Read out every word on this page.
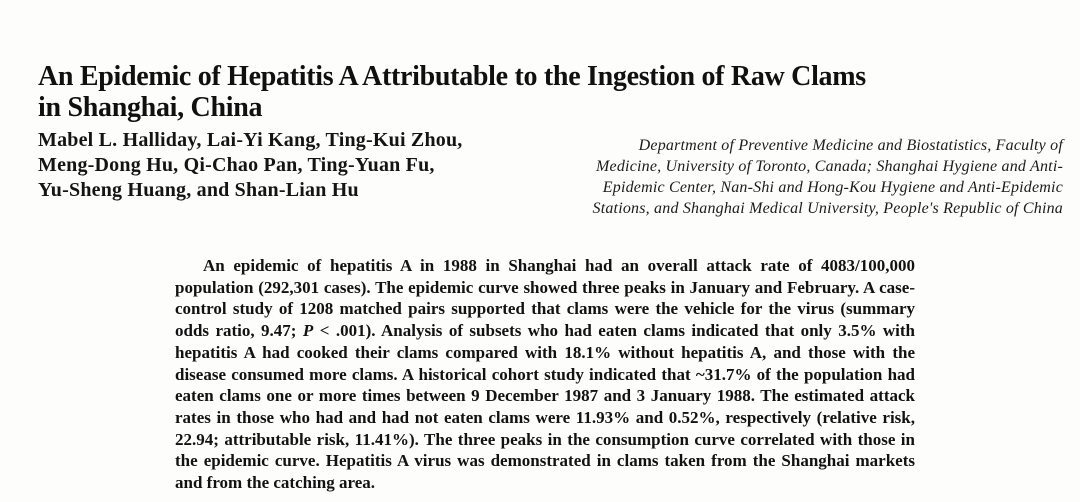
An Epidemic of Hepatitis A Attributable to the Ingestion of Raw Clams
in Shanghai, China
Mabel L. Halliday, Lai-Yi Kang, Ting-Kui Zhou,
Meng-Dong Hu, Qi-Chao Pan, Ting-Yuan Fu,
Yu-Sheng Huang, and Shan-Lian Hu
Department of Preventive Medicine and Biostatistics, Faculty of
Medicine, University of Toronto, Canada; Shanghai Hygiene and Anti-
Epidemic Center, Nan-Shi and Hong-Kou Hygiene and Anti-Epidemic
Stations, and Shanghai Medical University, People's Republic of China

An epidemic of hepatitis A in 1988 in Shanghai had an overall attack rate of 4083/100,000 population (292,301 cases). The epidemic curve showed three peaks in January and February. A case-control study of 1208 matched pairs supported that clams were the vehicle for the virus (summary odds ratio, 9.47; P < .001). Analysis of subsets who had eaten clams indicated that only 3.5% with hepatitis A had cooked their clams compared with 18.1% without hepatitis A, and those with the disease consumed more clams. A historical cohort study indicated that ~31.7% of the population had eaten clams one or more times between 9 December 1987 and 3 January 1988. The estimated attack rates in those who had and had not eaten clams were 11.93% and 0.52%, respectively (relative risk, 22.94; attributable risk, 11.41%). The three peaks in the consumption curve correlated with those in the epidemic curve. Hepatitis A virus was demonstrated in clams taken from the Shanghai markets and from the catching area.
